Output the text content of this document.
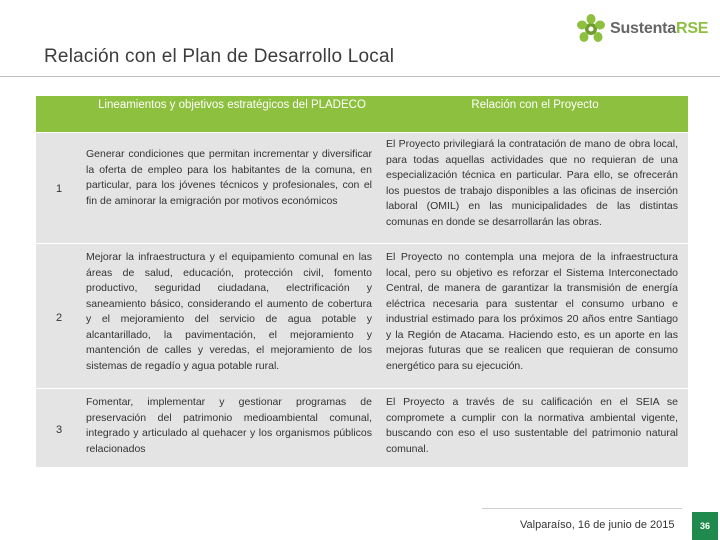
SustentaRSE
Relación con el Plan de Desarrollo Local
Lineamientos y objetivos estratégicos del PLADECO	Relación con el Proyecto
1
Generar condiciones que permitan incrementar y diversificar la oferta de empleo para los habitantes de la comuna, en particular, para los jóvenes técnicos y profesionales, con el fin de aminorar la emigración por motivos económicos
El Proyecto privilegiará la contratación de mano de obra local, para todas aquellas actividades que no requieran de una especialización técnica en particular. Para ello, se ofrecerán los puestos de trabajo disponibles a las oficinas de inserción laboral (OMIL) en las municipalidades de las distintas comunas en donde se desarrollarán las obras.
2
Mejorar la infraestructura y el equipamiento comunal en las áreas de salud, educación, protección civil, fomento productivo, seguridad ciudadana, electrificación y saneamiento básico, considerando el aumento de cobertura y el mejoramiento del servicio de agua potable y alcantarillado, la pavimentación, el mejoramiento y mantención de calles y veredas, el mejoramiento de los sistemas de regadío y agua potable rural.
El Proyecto no contempla una mejora de la infraestructura local, pero su objetivo es reforzar el Sistema Interconectado Central, de manera de garantizar la transmisión de energía eléctrica necesaria para sustentar el consumo urbano e industrial estimado para los próximos 20 años entre Santiago y la Región de Atacama. Haciendo esto, es un aporte en las mejoras futuras que se realicen que requieran de consumo energético para su ejecución.
3
Fomentar, implementar y gestionar programas de preservación del patrimonio medioambiental comunal, integrado y articulado al quehacer y los organismos públicos relacionados
El Proyecto a través de su calificación en el SEIA se compromete a cumplir con la normativa ambiental vigente, buscando con eso el uso sustentable del patrimonio natural comunal.
Valparaíso, 16 de junio de 2015	36
